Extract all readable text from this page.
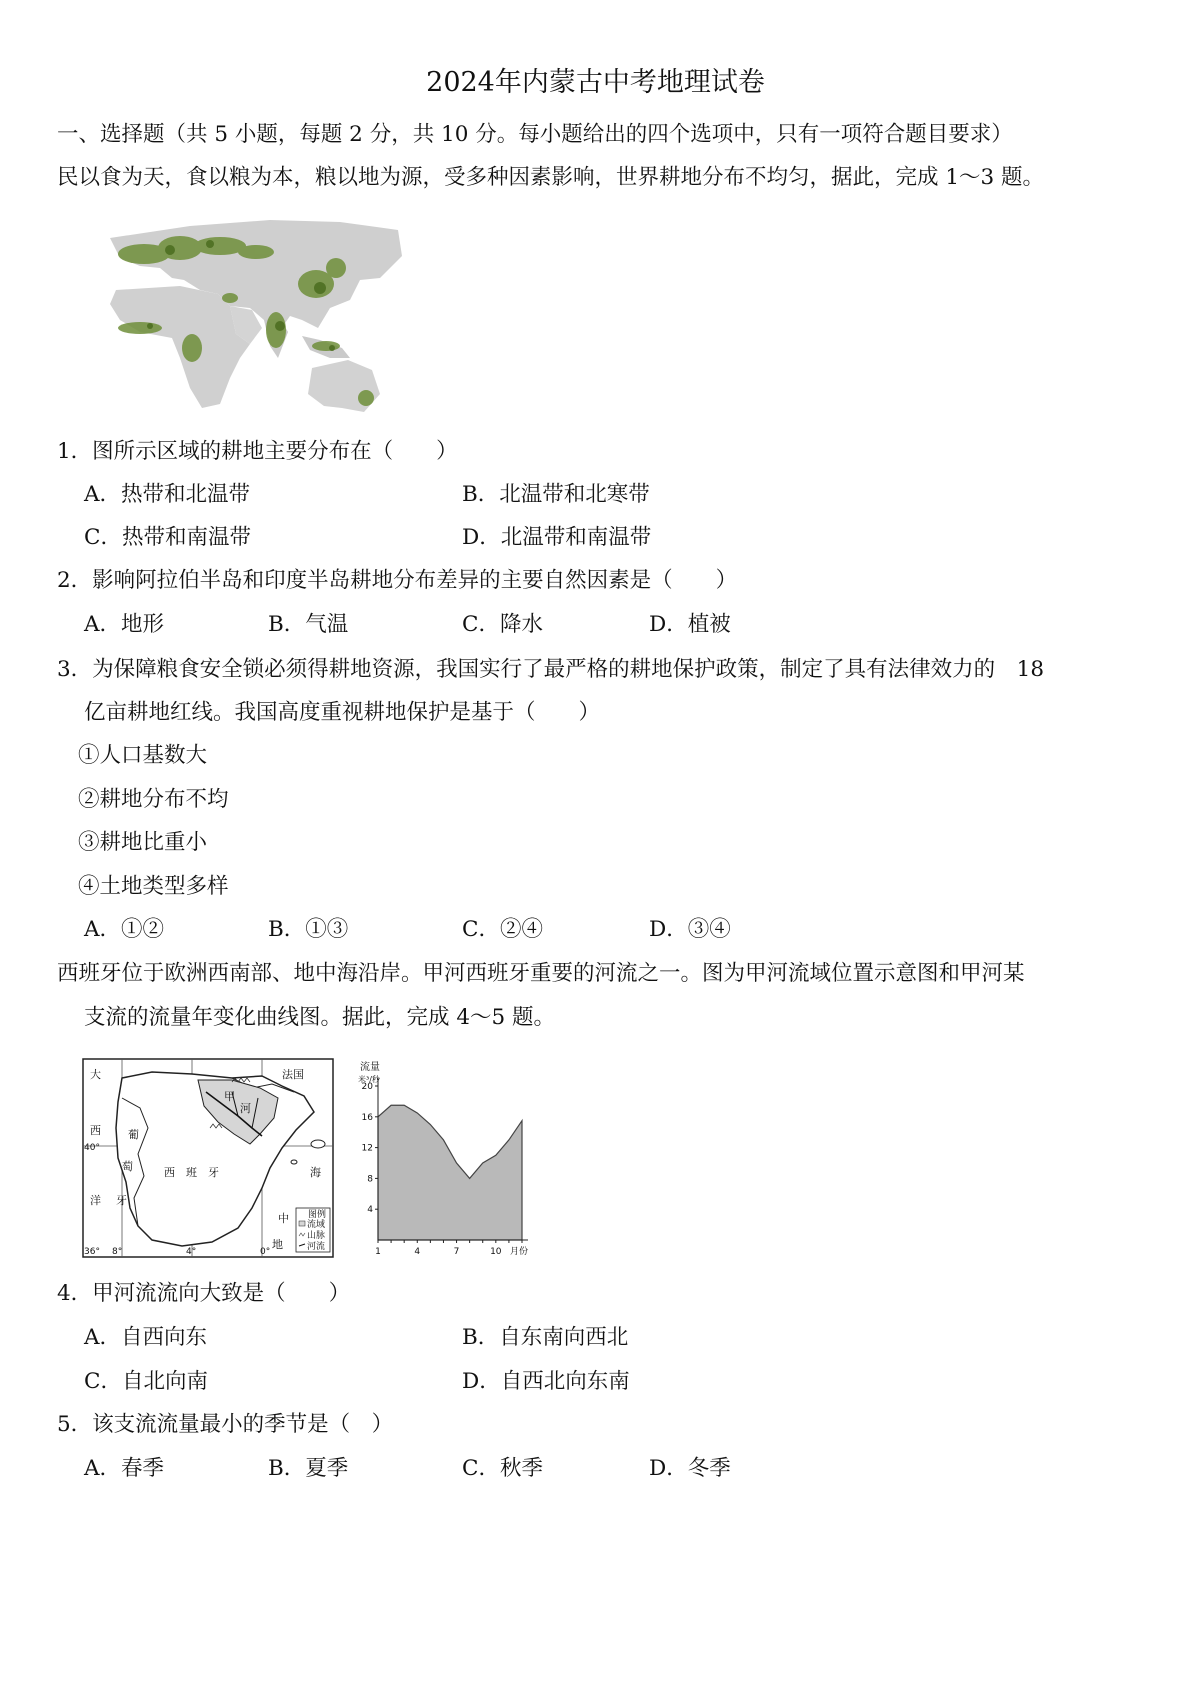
2024年内蒙古中考地理试卷
一、选择题（共 5 小题，每题 2 分，共 10 分。每小题给出的四个选项中，只有一项符合题目要求）
民以食为天，食以粮为本，粮以地为源，受多种因素影响，世界耕地分布不均匀，据此，完成 1～3 题。
1．图所示区域的耕地主要分布在（　　）
A．热带和北温带	B．北温带和北寒带
C．热带和南温带	D．北温带和南温带
2．影响阿拉伯半岛和印度半岛耕地分布差异的主要自然因素是（　　）
A．地形	B．气温	C．降水	D．植被
3．为保障粮食安全锁必须得耕地资源，我国实行了最严格的耕地保护政策，制定了具有法律效力的　18
亿亩耕地红线。我国高度重视耕地保护是基于（　　）
①人口基数大
②耕地分布不均
③耕地比重小
④土地类型多样
A．①②	B．①③	C．②④	D．③④
西班牙位于欧洲西南部、地中海沿岸。甲河西班牙重要的河流之一。图为甲河流域位置示意图和甲河某
支流的流量年变化曲线图。据此，完成 4～5 题。
图例
流域
山脉
河流
大
西
洋
葡
萄
牙
西　班　牙
法国
甲
河
海
中
地
40°
36° 8°	4°	0°
流量
米³/秒
月份
4
8
12
16
20
1	4	7	10
4．甲河流流向大致是（　　）
A．自西向东	B．自东南向西北
C．自北向南	D．自西北向东南
5．该支流流量最小的季节是（　）
A．春季	B．夏季	C．秋季	D．冬季
